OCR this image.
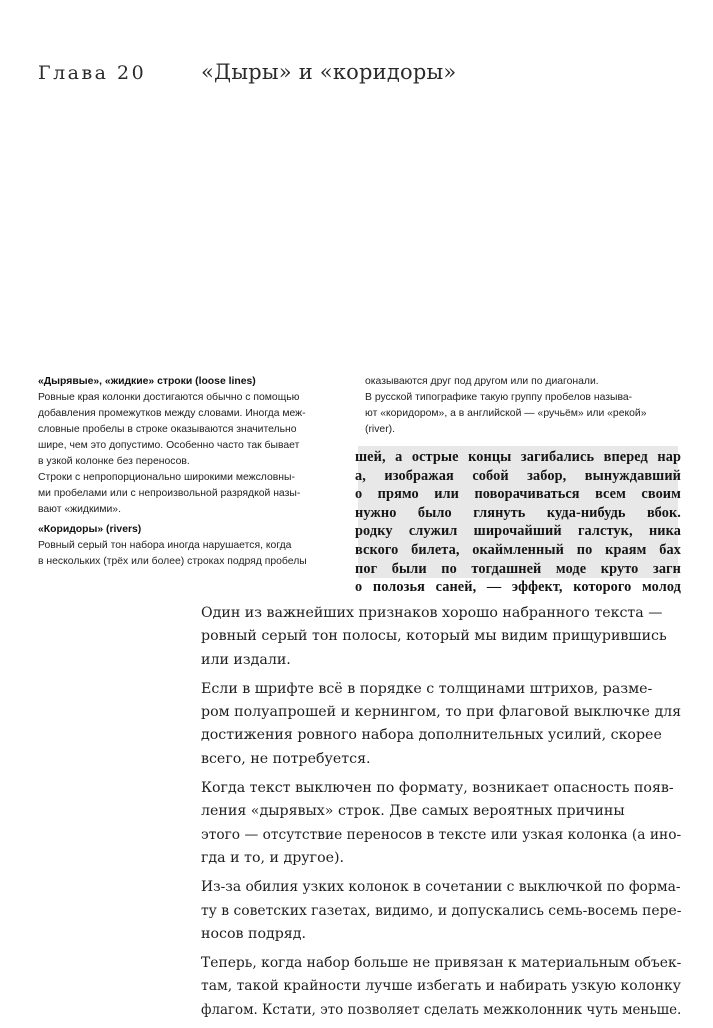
Глава 20	«Дыры» и «коридоры»
«Дырявые», «жидкие» строки (loose lines)
Ровные края колонки достигаются обычно с помощью
добавления промежутков между словами. Иногда меж-
словные пробелы в строке оказываются значительно
шире, чем это допустимо. Особенно часто так бывает
в узкой колонке без переносов.
Строки с непропорционально широкими межсловны-
ми пробелами или с непроизвольной разрядкой назы-
вают «жидкими».
«Коридоры» (rivers)
Ровный серый тон набора иногда нарушается, когда
в нескольких (трёх или более) строках подряд пробелы
оказываются друг под другом или по диагонали.
В русской типографике такую группу пробелов называ-
ют «коридором», а в английской — «ручьём» или «рекой»
(river).
шей, а острые концы загибались вперед нар
а, изображая собой забор, вынуждавший
о прямо или поворачиваться всем своим
нужно было глянуть куда-нибудь вбок.
родку служил широчайший галстук, ника
вского билета, окаймленный по краям бах
пог были по тогдашней моде круто загн
о полозья саней, — эффект, которого молод
Один из важнейших признаков хорошо набранного текста —
ровный серый тон полосы, который мы видим прищурившись
или издали.
Если в шрифте всё в порядке с толщинами штрихов, разме-
ром полуапрошей и кернингом, то при флаговой выключке для
достижения ровного набора дополнительных усилий, скорее
всего, не потребуется.
Когда текст выключен по формату, возникает опасность появ-
ления «дырявых» строк. Две самых вероятных причины
этого — отсутствие переносов в тексте или узкая колонка (а ино-
гда и то, и другое).
Из-за обилия узких колонок в сочетании с выключкой по форма-
ту в советских газетах, видимо, и допускались семь-восемь пере-
носов подряд.
Теперь, когда набор больше не привязан к материальным объек-
там, такой крайности лучше избегать и набирать узкую колонку
флагом. Кстати, это позволяет сделать межколонник чуть меньше.
